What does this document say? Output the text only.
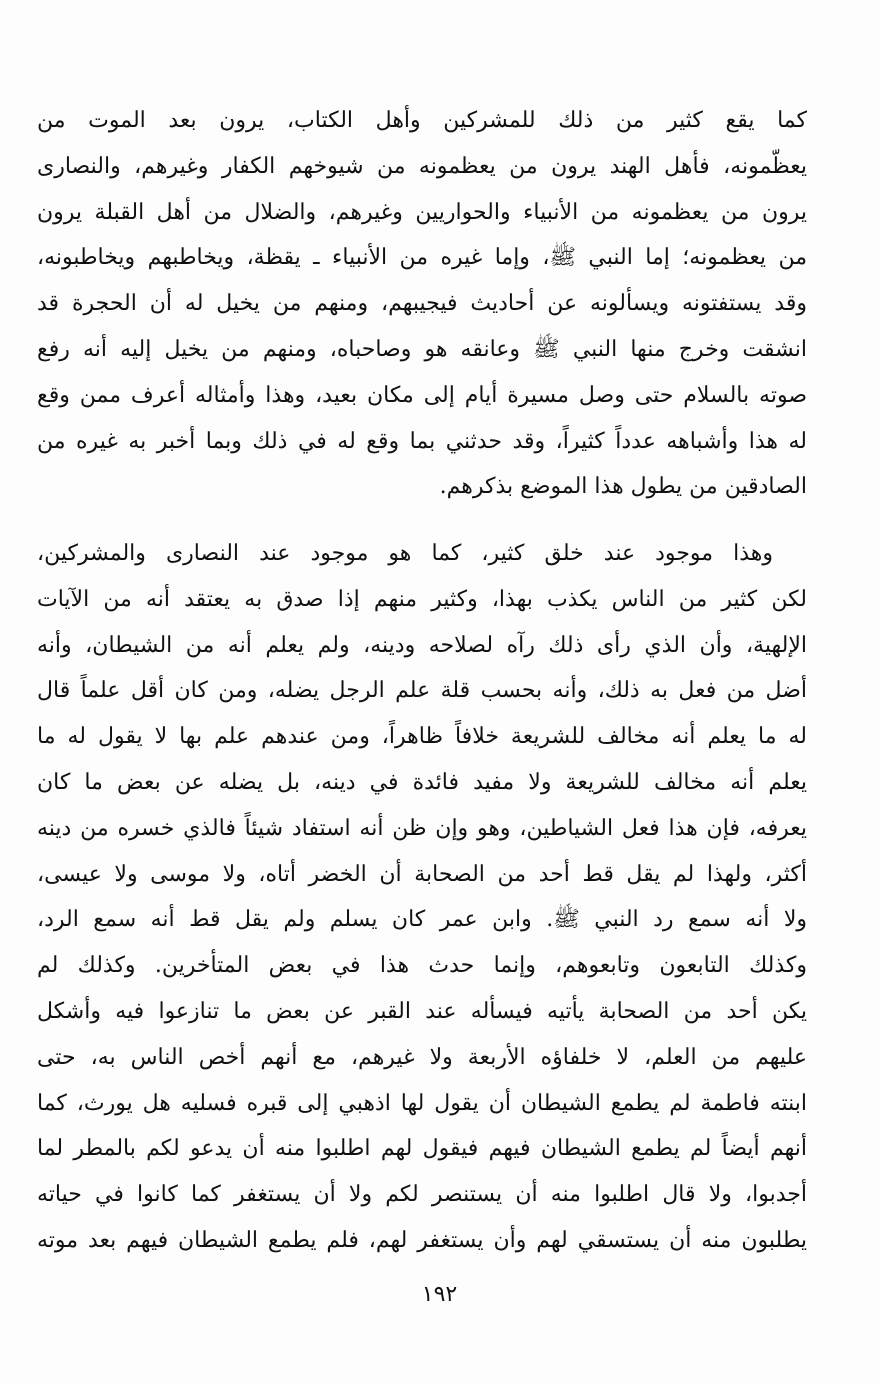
كما يقع كثير من ذلك للمشركين وأهل الكتاب، يرون بعد الموت من
يعظّمونه، فأهل الهند يرون من يعظمونه من شيوخهم الكفار وغيرهم، والنصارى
يرون من يعظمونه من الأنبياء والحواريين وغيرهم، والضلال من أهل القبلة يرون
من يعظمونه؛ إما النبي ﷺ، وإما غيره من الأنبياء ـ يقظة، ويخاطبهم ويخاطبونه،
وقد يستفتونه ويسألونه عن أحاديث فيجيبهم، ومنهم من يخيل له أن الحجرة قد
انشقت وخرج منها النبي ﷺ وعانقه هو وصاحباه، ومنهم من يخيل إليه أنه رفع
صوته بالسلام حتى وصل مسيرة أيام إلى مكان بعيد، وهذا وأمثاله أعرف ممن وقع
له هذا وأشباهه عدداً كثيراً، وقد حدثني بما وقع له في ذلك وبما أخبر به غيره من
الصادقين من يطول هذا الموضع بذكرهم.
وهذا موجود عند خلق كثير، كما هو موجود عند النصارى والمشركين،
لكن كثير من الناس يكذب بهذا، وكثير منهم إذا صدق به يعتقد أنه من الآيات
الإلهية، وأن الذي رأى ذلك رآه لصلاحه ودينه، ولم يعلم أنه من الشيطان، وأنه
أضل من فعل به ذلك، وأنه بحسب قلة علم الرجل يضله، ومن كان أقل علماً قال
له ما يعلم أنه مخالف للشريعة خلافاً ظاهراً، ومن عندهم علم بها لا يقول له ما
يعلم أنه مخالف للشريعة ولا مفيد فائدة في دينه، بل يضله عن بعض ما كان
يعرفه، فإن هذا فعل الشياطين، وهو وإن ظن أنه استفاد شيئاً فالذي خسره من دينه
أكثر، ولهذا لم يقل قط أحد من الصحابة أن الخضر أتاه، ولا موسى ولا عيسى،
ولا أنه سمع رد النبي ﷺ. وابن عمر كان يسلم ولم يقل قط أنه سمع الرد،
وكذلك التابعون وتابعوهم، وإنما حدث هذا في بعض المتأخرين. وكذلك لم
يكن أحد من الصحابة يأتيه فيسأله عند القبر عن بعض ما تنازعوا فيه وأشكل
عليهم من العلم، لا خلفاؤه الأربعة ولا غيرهم، مع أنهم أخص الناس به، حتى
ابنته فاطمة لم يطمع الشيطان أن يقول لها اذهبي إلى قبره فسليه هل يورث، كما
أنهم أيضاً لم يطمع الشيطان فيهم فيقول لهم اطلبوا منه أن يدعو لكم بالمطر لما
أجدبوا، ولا قال اطلبوا منه أن يستنصر لكم ولا أن يستغفر كما كانوا في حياته
يطلبون منه أن يستسقي لهم وأن يستغفر لهم، فلم يطمع الشيطان فيهم بعد موته
١٩٢
